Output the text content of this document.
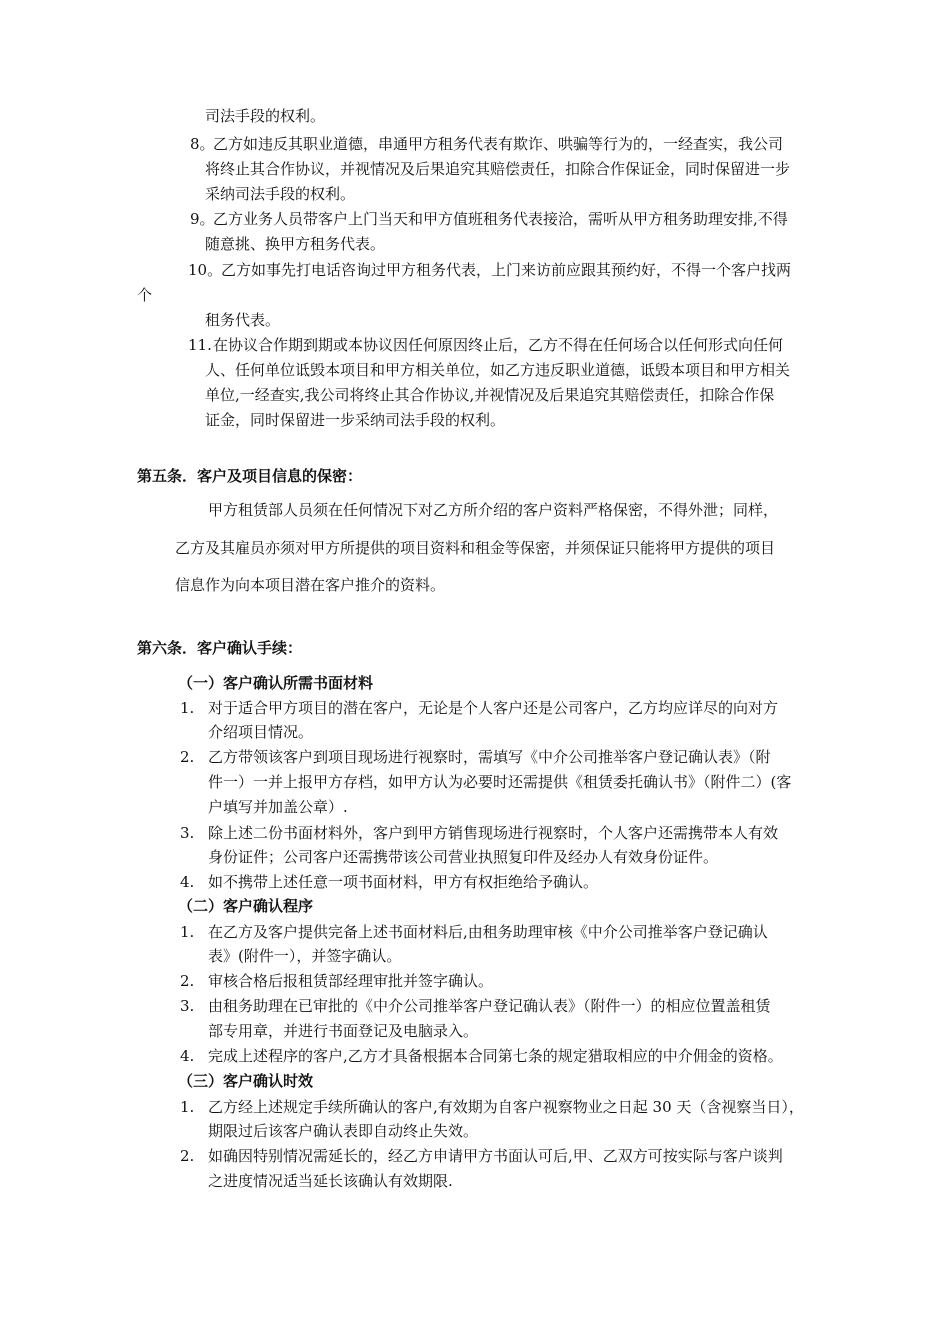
司法手段的权利。
8。
乙方如违反其职业道德，串通甲方租务代表有欺诈、哄骗等行为的，一经查实，我公司
将终止其合作协议，并视情况及后果追究其赔偿责任，扣除合作保证金，同时保留进一步
采纳司法手段的权利。
9。
乙方业务人员带客户上门当天和甲方值班租务代表接洽，需听从甲方租务助理安排,不得
随意挑、换甲方租务代表。
10。
乙方如事先打电话咨询过甲方租务代表，上门来访前应跟其预约好，不得一个客户找两
个
租务代表。
11. 在协议合作期到期或本协议因任何原因终止后，乙方不得在任何场合以任何形式向任何
人、任何单位诋毁本项目和甲方相关单位，如乙方违反职业道德，诋毁本项目和甲方相关
单位,一经查实,我公司将终止其合作协议,并视情况及后果追究其赔偿责任，扣除合作保
证金，同时保留进一步采纳司法手段的权利。
第五条．客户及项目信息的保密：
甲方租赁部人员须在任何情况下对乙方所介绍的客户资料严格保密，不得外泄；同样，
乙方及其雇员亦须对甲方所提供的项目资料和租金等保密，并须保证只能将甲方提供的项目
信息作为向本项目潜在客户推介的资料。
第六条．客户确认手续：
（一）客户确认所需书面材料
1. 对于适合甲方项目的潜在客户，无论是个人客户还是公司客户，乙方均应详尽的向对方
介绍项目情况。
2. 乙方带领该客户到项目现场进行视察时，需填写《中介公司推举客户登记确认表》（附
件一）一并上报甲方存档，如甲方认为必要时还需提供《租赁委托确认书》（附件二）(客
户填写并加盖公章）.
3. 除上述二份书面材料外，客户到甲方销售现场进行视察时，个人客户还需携带本人有效
身份证件；公司客户还需携带该公司营业执照复印件及经办人有效身份证件。
4. 如不携带上述任意一项书面材料，甲方有权拒绝给予确认。
（二）客户确认程序
1. 在乙方及客户提供完备上述书面材料后,由租务助理审核《中介公司推举客户登记确认
表》(附件一），并签字确认。
2. 审核合格后报租赁部经理审批并签字确认。
3. 由租务助理在已审批的《中介公司推举客户登记确认表》（附件一）的相应位置盖租赁
部专用章，并进行书面登记及电脑录入。
4. 完成上述程序的客户,乙方才具备根据本合同第七条的规定猎取相应的中介佣金的资格。
（三）客户确认时效
1. 乙方经上述规定手续所确认的客户,有效期为自客户视察物业之日起 30 天（含视察当日），
期限过后该客户确认表即自动终止失效。
2. 如确因特别情况需延长的，经乙方申请甲方书面认可后,甲、乙双方可按实际与客户谈判
之进度情况适当延长该确认有效期限.
